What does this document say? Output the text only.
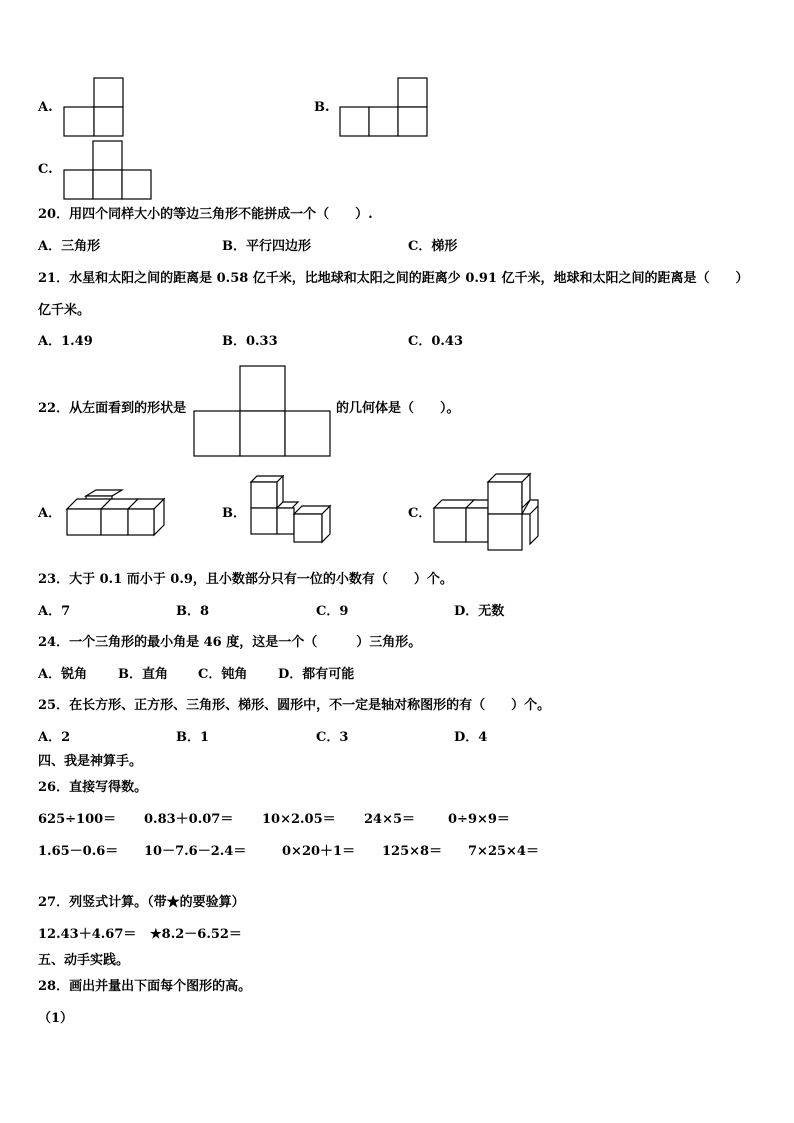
A.	B.
C.
20．用四个同样大小的等边三角形不能拼成一个（　　）.
A．三角形	B．平行四边形	C．梯形
21．水星和太阳之间的距离是 0.58 亿千米，比地球和太阳之间的距离少 0.91 亿千米，地球和太阳之间的距离是（　　）
亿千米。
A．1.49	B．0.33	C．0.43
22．从左面看到的形状是	的几何体是（　　）。
A．	B．	C．
23．大于 0.1 而小于 0.9，且小数部分只有一位的小数有（　　）个。
A．7	B．8	C．9	D．无数
24．一个三角形的最小角是 46 度，这是一个（　　　）三角形。
A．锐角 B．直角 C．钝角 D．都有可能
25．在长方形、正方形、三角形、梯形、圆形中，不一定是轴对称图形的有（　　）个。
A．2	B．1	C．3	D．4
四、我是神算手。
26．直接写得数。
625÷100＝ 0.83＋0.07＝ 10×2.05＝ 24×5＝	0÷9×9＝
1.65－0.6＝ 10－7.6－2.4＝	0×20＋1＝ 125×8＝ 7×25×4＝
27．列竖式计算。（带★的要验算）
12.43＋4.67＝ ★8.2－6.52＝
五、动手实践。
28．画出并量出下面每个图形的高。
（1）
